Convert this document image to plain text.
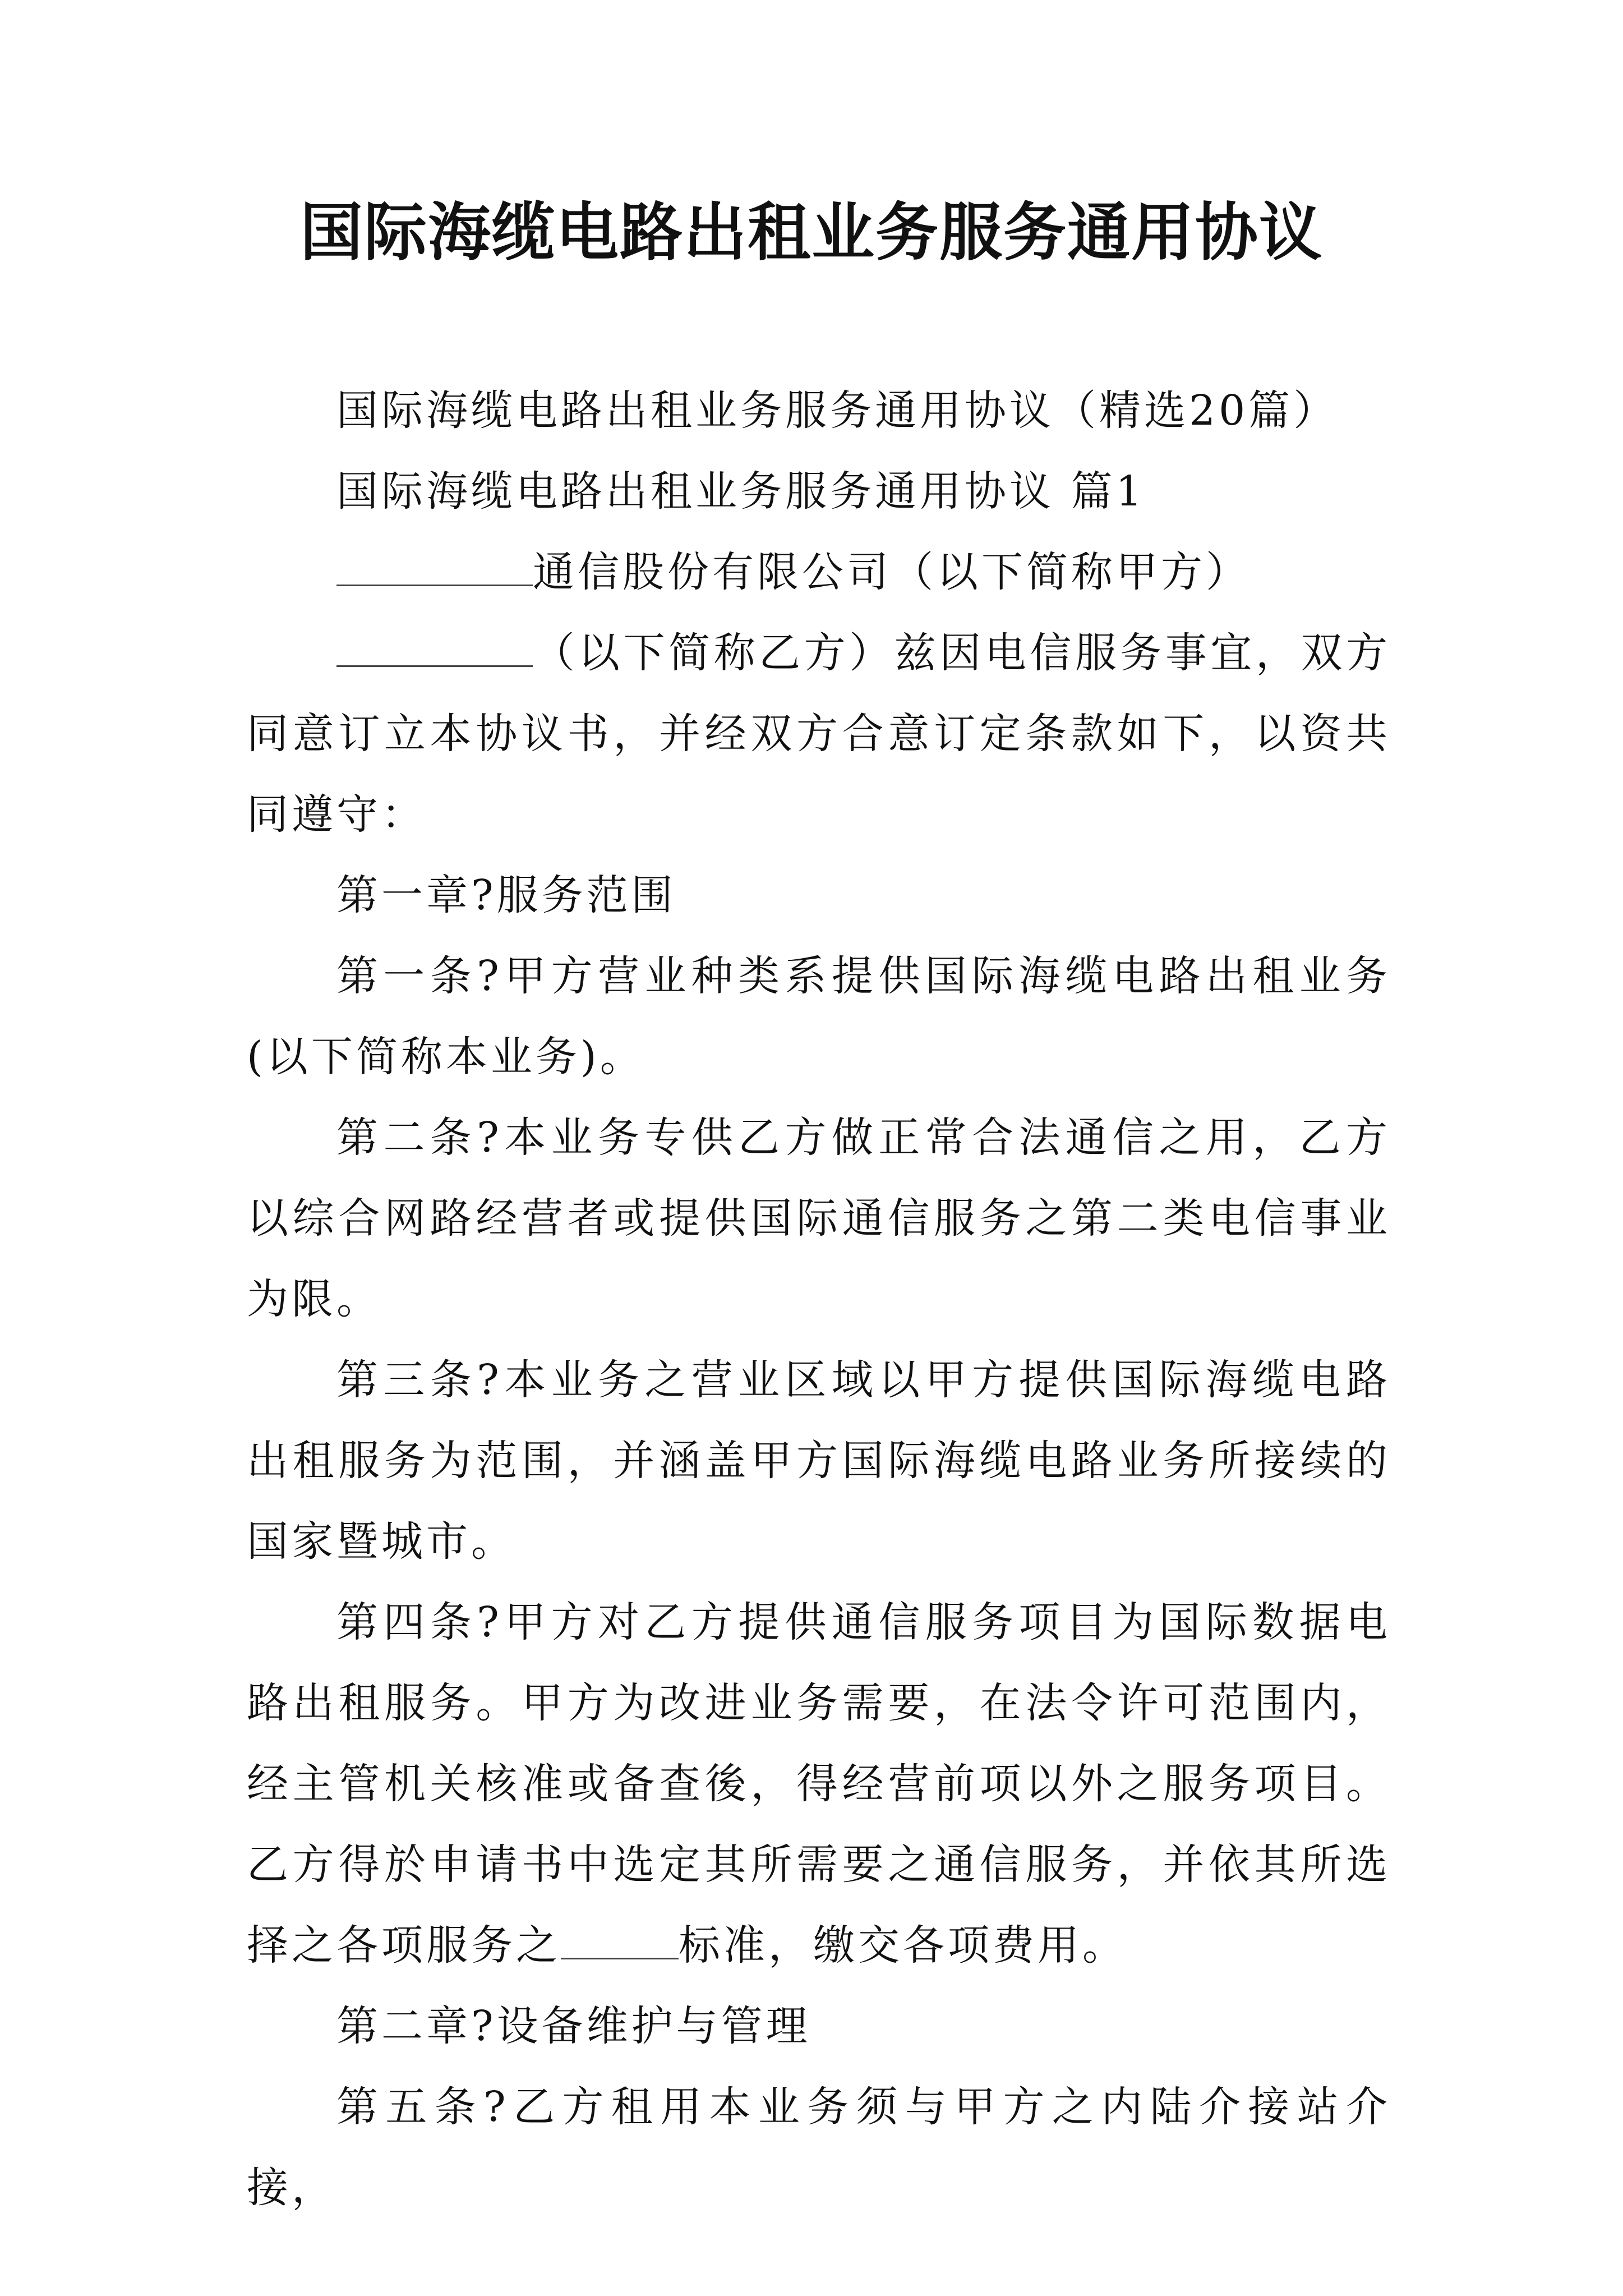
国际海缆电路出租业务服务通用协议

国际海缆电路出租业务服务通用协议（精选20篇）

国际海缆电路出租业务服务通用协议 篇1

通信股份有限公司（以下简称甲方）

（以下简称乙方）兹因电信服务事宜，双方同意订立本协议书，并经双方合意订定条款如下，以资共同遵守：

第一章?服务范围

第一条?甲方营业种类系提供国际海缆电路出租业务(以下简称本业务)。

第二条?本业务专供乙方做正常合法通信之用，乙方以综合网路经营者或提供国际通信服务之第二类电信事业为限。

第三条?本业务之营业区域以甲方提供国际海缆电路出租服务为范围，并涵盖甲方国际海缆电路业务所接续的国家暨城市。

第四条?甲方对乙方提供通信服务项目为国际数据电路出租服务。甲方为改进业务需要，在法令许可范围内，经主管机关核准或备查後，得经营前项以外之服务项目。乙方得於申请书中选定其所需要之通信服务，并依其所选择之各项服务之	标准，缴交各项费用。

第二章?设备维护与管理

第五条?乙方租用本业务须与甲方之内陆介接站介接，
